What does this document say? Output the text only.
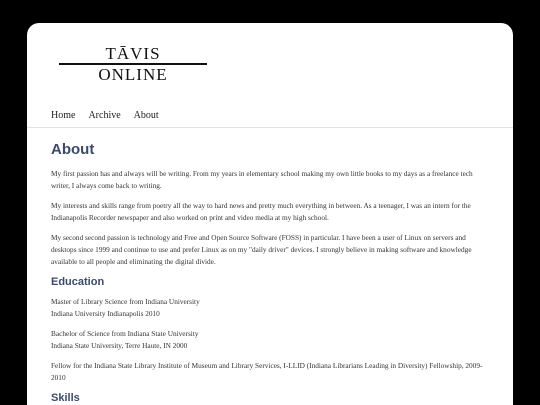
TĀVIS
ONLINE
Home Archive About
About

My first passion has and always will be writing. From my years in elementary school making my own little books to my days as a freelance tech writer, I always come back to writing.

My interests and skills range from poetry all the way to hard news and pretty much everything in between. As a teenager, I was an intern for the Indianapolis Recorder newspaper and also worked on print and video media at my high school.

My second second passion is technology and Free and Open Source Software (FOSS) in particular. I have been a user of Linux on servers and desktops since 1999 and continue to use and prefer Linux as on my "daily driver" devices. I strongly believe in making software and knowledge available to all people and eliminating the digital divide.

Education

Master of Library Science from Indiana University
Indiana University Indianapolis 2010

Bachelor of Science from Indiana State University
Indiana State University, Terre Haute, IN 2000

Fellow for the Indiana State Library Institute of Museum and Library Services, I-LLID (Indiana Librarians Leading in Diversity) Fellowship, 2009-2010

Skills
